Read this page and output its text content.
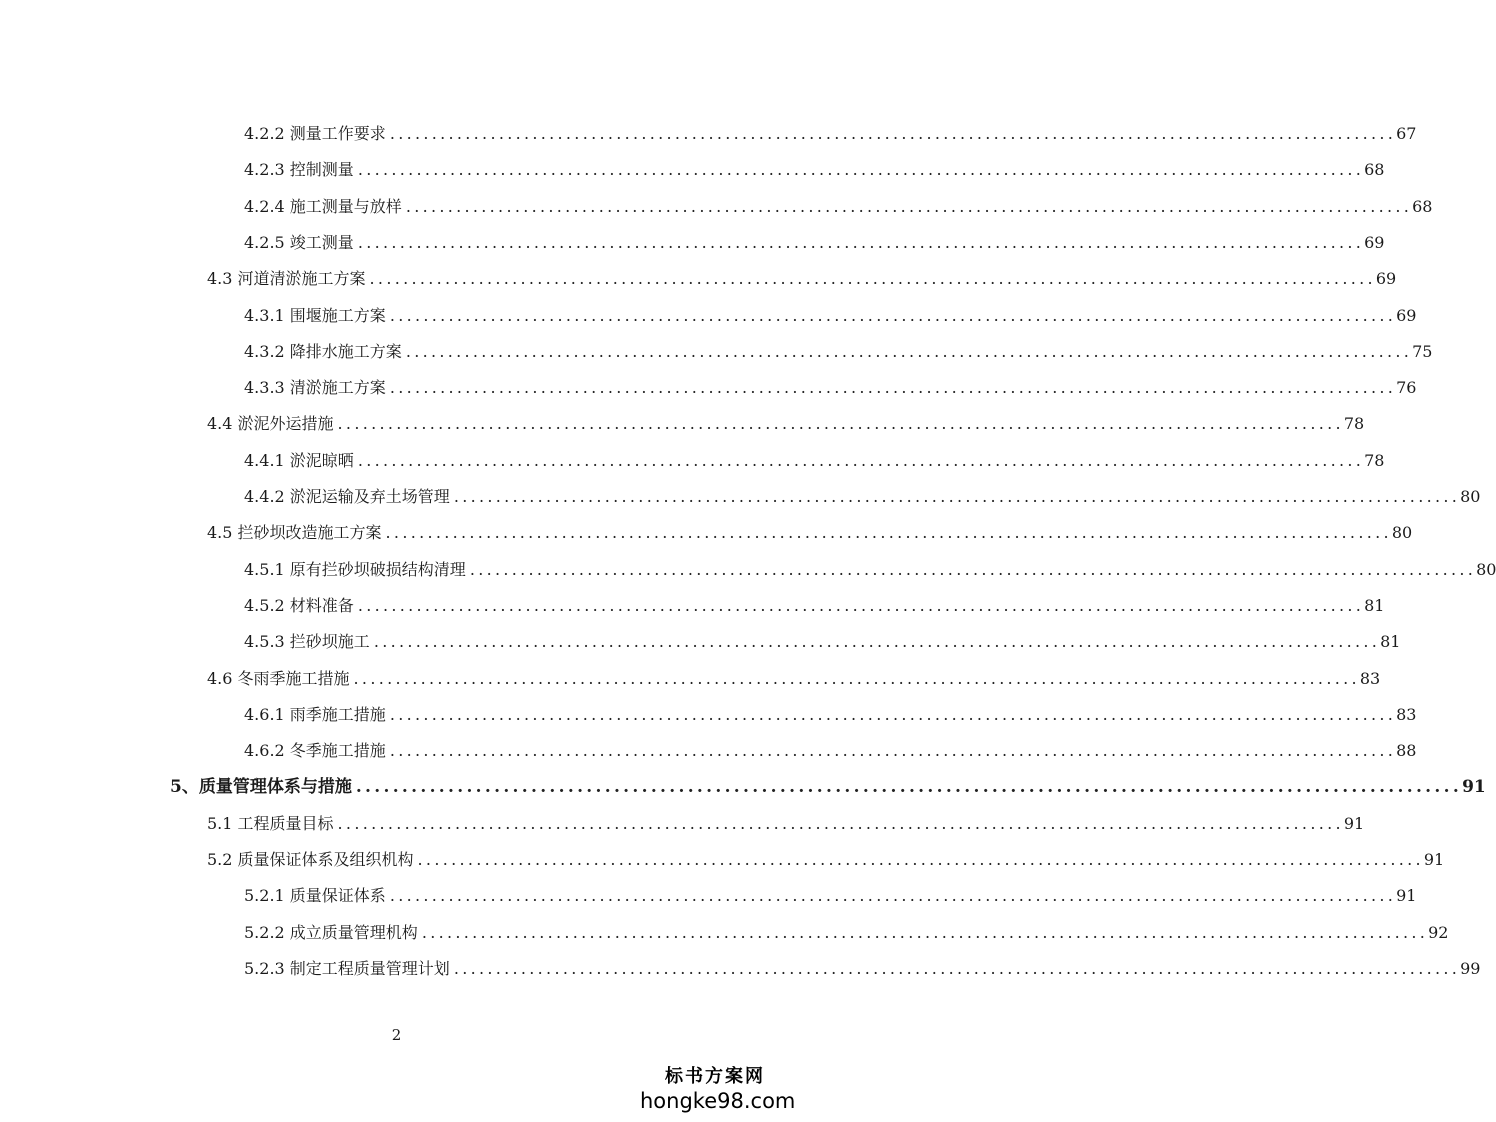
4.2.2 测量工作要求 ........................................................................................................................ 67
4.2.3 控制测量 ........................................................................................................................ 68
4.2.4 施工测量与放样 ........................................................................................................................ 68
4.2.5 竣工测量 ........................................................................................................................ 69
4.3 河道清淤施工方案 ........................................................................................................................ 69
4.3.1 围堰施工方案 ........................................................................................................................ 69
4.3.2 降排水施工方案 ........................................................................................................................ 75
4.3.3 清淤施工方案 ........................................................................................................................ 76
4.4 淤泥外运措施 ........................................................................................................................ 78
4.4.1 淤泥晾晒 ........................................................................................................................ 78
4.4.2 淤泥运输及弃土场管理 ........................................................................................................................ 80
4.5 拦砂坝改造施工方案 ........................................................................................................................ 80
4.5.1 原有拦砂坝破损结构清理 ........................................................................................................................ 80
4.5.2 材料准备 ........................................................................................................................ 81
4.5.3 拦砂坝施工 ........................................................................................................................ 81
4.6 冬雨季施工措施 ........................................................................................................................ 83
4.6.1 雨季施工措施 ........................................................................................................................ 83
4.6.2 冬季施工措施 ........................................................................................................................ 88
5、质量管理体系与措施 ........................................................................................................................ 91
5.1 工程质量目标 ........................................................................................................................ 91
5.2 质量保证体系及组织机构 ........................................................................................................................ 91
5.2.1 质量保证体系 ........................................................................................................................ 91
5.2.2 成立质量管理机构 ........................................................................................................................ 92
5.2.3 制定工程质量管理计划 ........................................................................................................................ 99
2
标书方案网
hongke98.com
